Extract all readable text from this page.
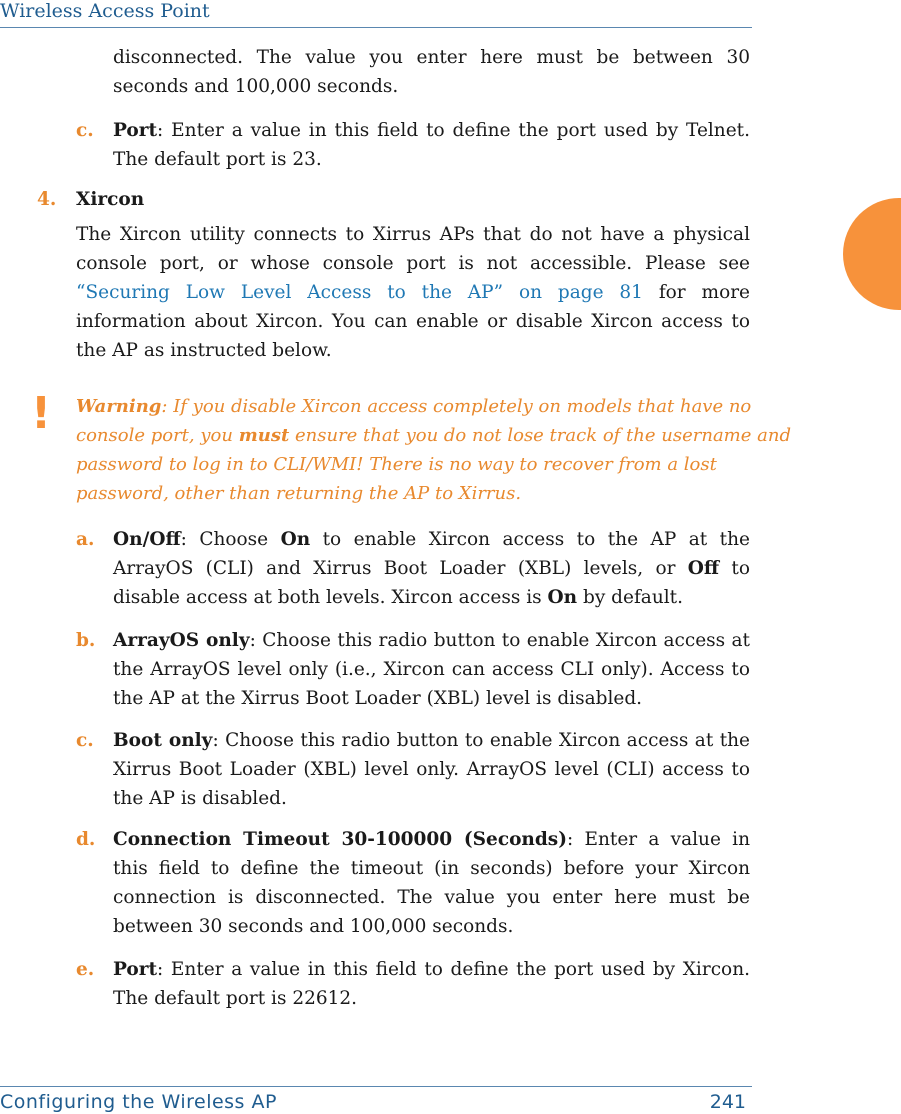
Wireless Access Point
disconnected. The value you enter here must be between 30 seconds and 100,000 seconds.
c. Port: Enter a value in this field to define the port used by Telnet. The default port is 23.
4. Xircon
The Xircon utility connects to Xirrus APs that do not have a physical console port, or whose console port is not accessible. Please see “Securing Low Level Access to the AP” on page 81 for more information about Xircon. You can enable or disable Xircon access to the AP as instructed below.
! Warning: If you disable Xircon access completely on models that have no
console port, you must ensure that you do not lose track of the username and
password to log in to CLI/WMI! There is no way to recover from a lost
password, other than returning the AP to Xirrus.
a. On/Off: Choose On to enable Xircon access to the AP at the ArrayOS (CLI) and Xirrus Boot Loader (XBL) levels, or Off to disable access at both levels. Xircon access is On by default.
b. ArrayOS only: Choose this radio button to enable Xircon access at the ArrayOS level only (i.e., Xircon can access CLI only). Access to the AP at the Xirrus Boot Loader (XBL) level is disabled.
c. Boot only: Choose this radio button to enable Xircon access at the Xirrus Boot Loader (XBL) level only. ArrayOS level (CLI) access to the AP is disabled.
d. Connection Timeout 30-100000 (Seconds): Enter a value in this field to define the timeout (in seconds) before your Xircon connection is disconnected. The value you enter here must be between 30 seconds and 100,000 seconds.
e. Port: Enter a value in this field to define the port used by Xircon. The default port is 22612.
Configuring the Wireless AP	241
